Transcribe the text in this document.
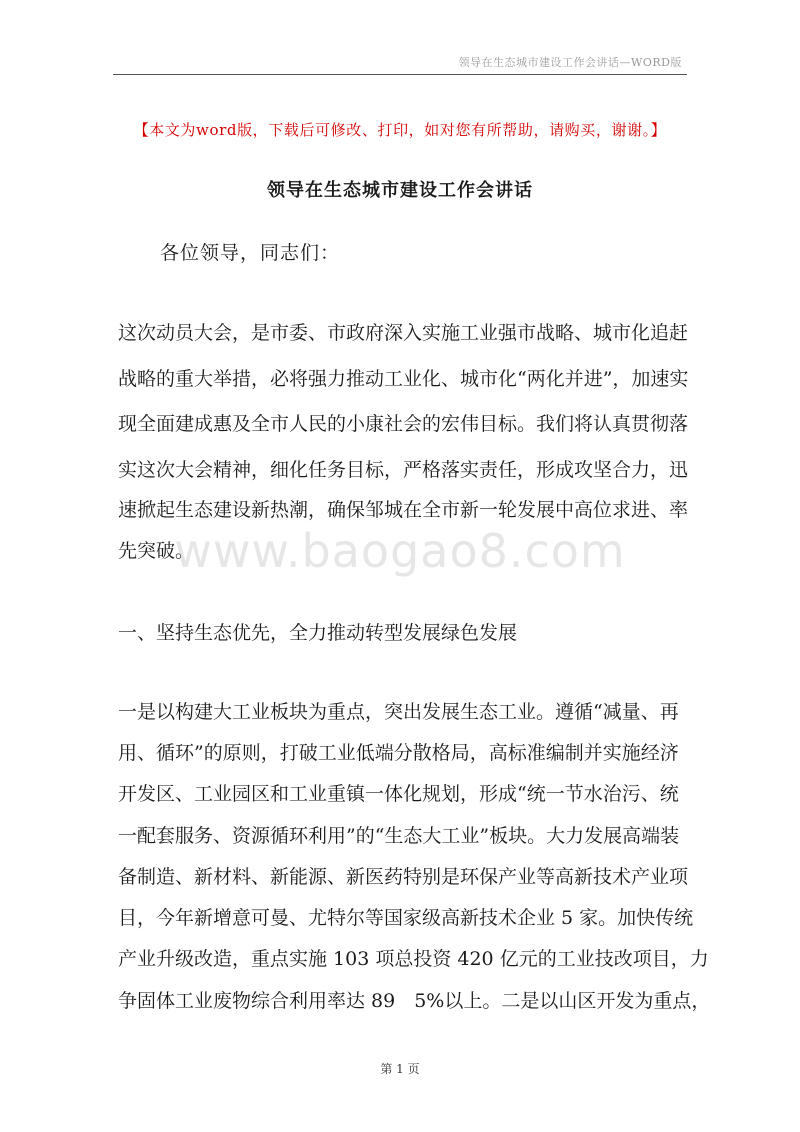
领导在生态城市建设工作会讲话—WORD版
【本文为word版，下载后可修改、打印，如对您有所帮助，请购买，谢谢。】
领导在生态城市建设工作会讲话
各位领导，同志们：
这次动员大会，是市委、市政府深入实施工业强市战略、城市化追赶
战略的重大举措，必将强力推动工业化、城市化“两化并进”，加速实
现全面建成惠及全市人民的小康社会的宏伟目标。我们将认真贯彻落
实这次大会精神，细化任务目标，严格落实责任，形成攻坚合力，迅
速掀起生态建设新热潮，确保邹城在全市新一轮发展中高位求进、率
先突破。
www.baogao8.com
一、坚持生态优先，全力推动转型发展绿色发展
一是以构建大工业板块为重点，突出发展生态工业。遵循“减量、再
用、循环”的原则，打破工业低端分散格局，高标准编制并实施经济
开发区、工业园区和工业重镇一体化规划，形成“统一节水治污、统
一配套服务、资源循环利用”的“生态大工业”板块。大力发展高端装
备制造、新材料、新能源、新医药特别是环保产业等高新技术产业项
目，今年新增意可曼、尤特尔等国家级高新技术企业 5 家。加快传统
产业升级改造，重点实施 103 项总投资 420 亿元的工业技改项目，力
争固体工业废物综合利用率达 89　5%以上。二是以山区开发为重点，
第 1 页
